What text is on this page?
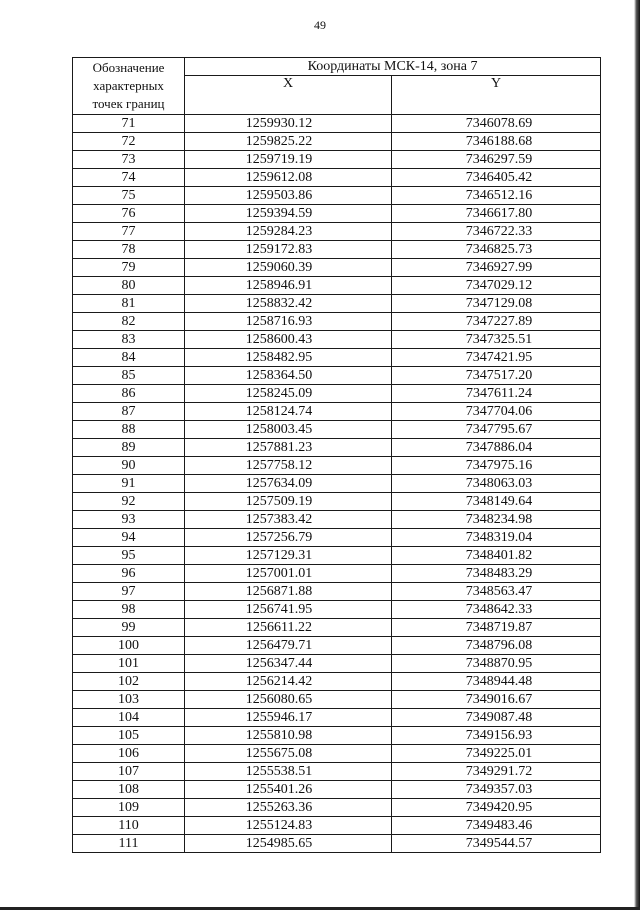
49
Обозначение
характерных
точек границ	Координаты МСК-14, зона 7	
	X	Y
71	1259930.12	7346078.69
72	1259825.22	7346188.68
73	1259719.19	7346297.59
74	1259612.08	7346405.42
75	1259503.86	7346512.16
76	1259394.59	7346617.80
77	1259284.23	7346722.33
78	1259172.83	7346825.73
79	1259060.39	7346927.99
80	1258946.91	7347029.12
81	1258832.42	7347129.08
82	1258716.93	7347227.89
83	1258600.43	7347325.51
84	1258482.95	7347421.95
85	1258364.50	7347517.20
86	1258245.09	7347611.24
87	1258124.74	7347704.06
88	1258003.45	7347795.67
89	1257881.23	7347886.04
90	1257758.12	7347975.16
91	1257634.09	7348063.03
92	1257509.19	7348149.64
93	1257383.42	7348234.98
94	1257256.79	7348319.04
95	1257129.31	7348401.82
96	1257001.01	7348483.29
97	1256871.88	7348563.47
98	1256741.95	7348642.33
99	1256611.22	7348719.87
100	1256479.71	7348796.08
101	1256347.44	7348870.95
102	1256214.42	7348944.48
103	1256080.65	7349016.67
104	1255946.17	7349087.48
105	1255810.98	7349156.93
106	1255675.08	7349225.01
107	1255538.51	7349291.72
108	1255401.26	7349357.03
109	1255263.36	7349420.95
110	1255124.83	7349483.46
111	1254985.65	7349544.57
